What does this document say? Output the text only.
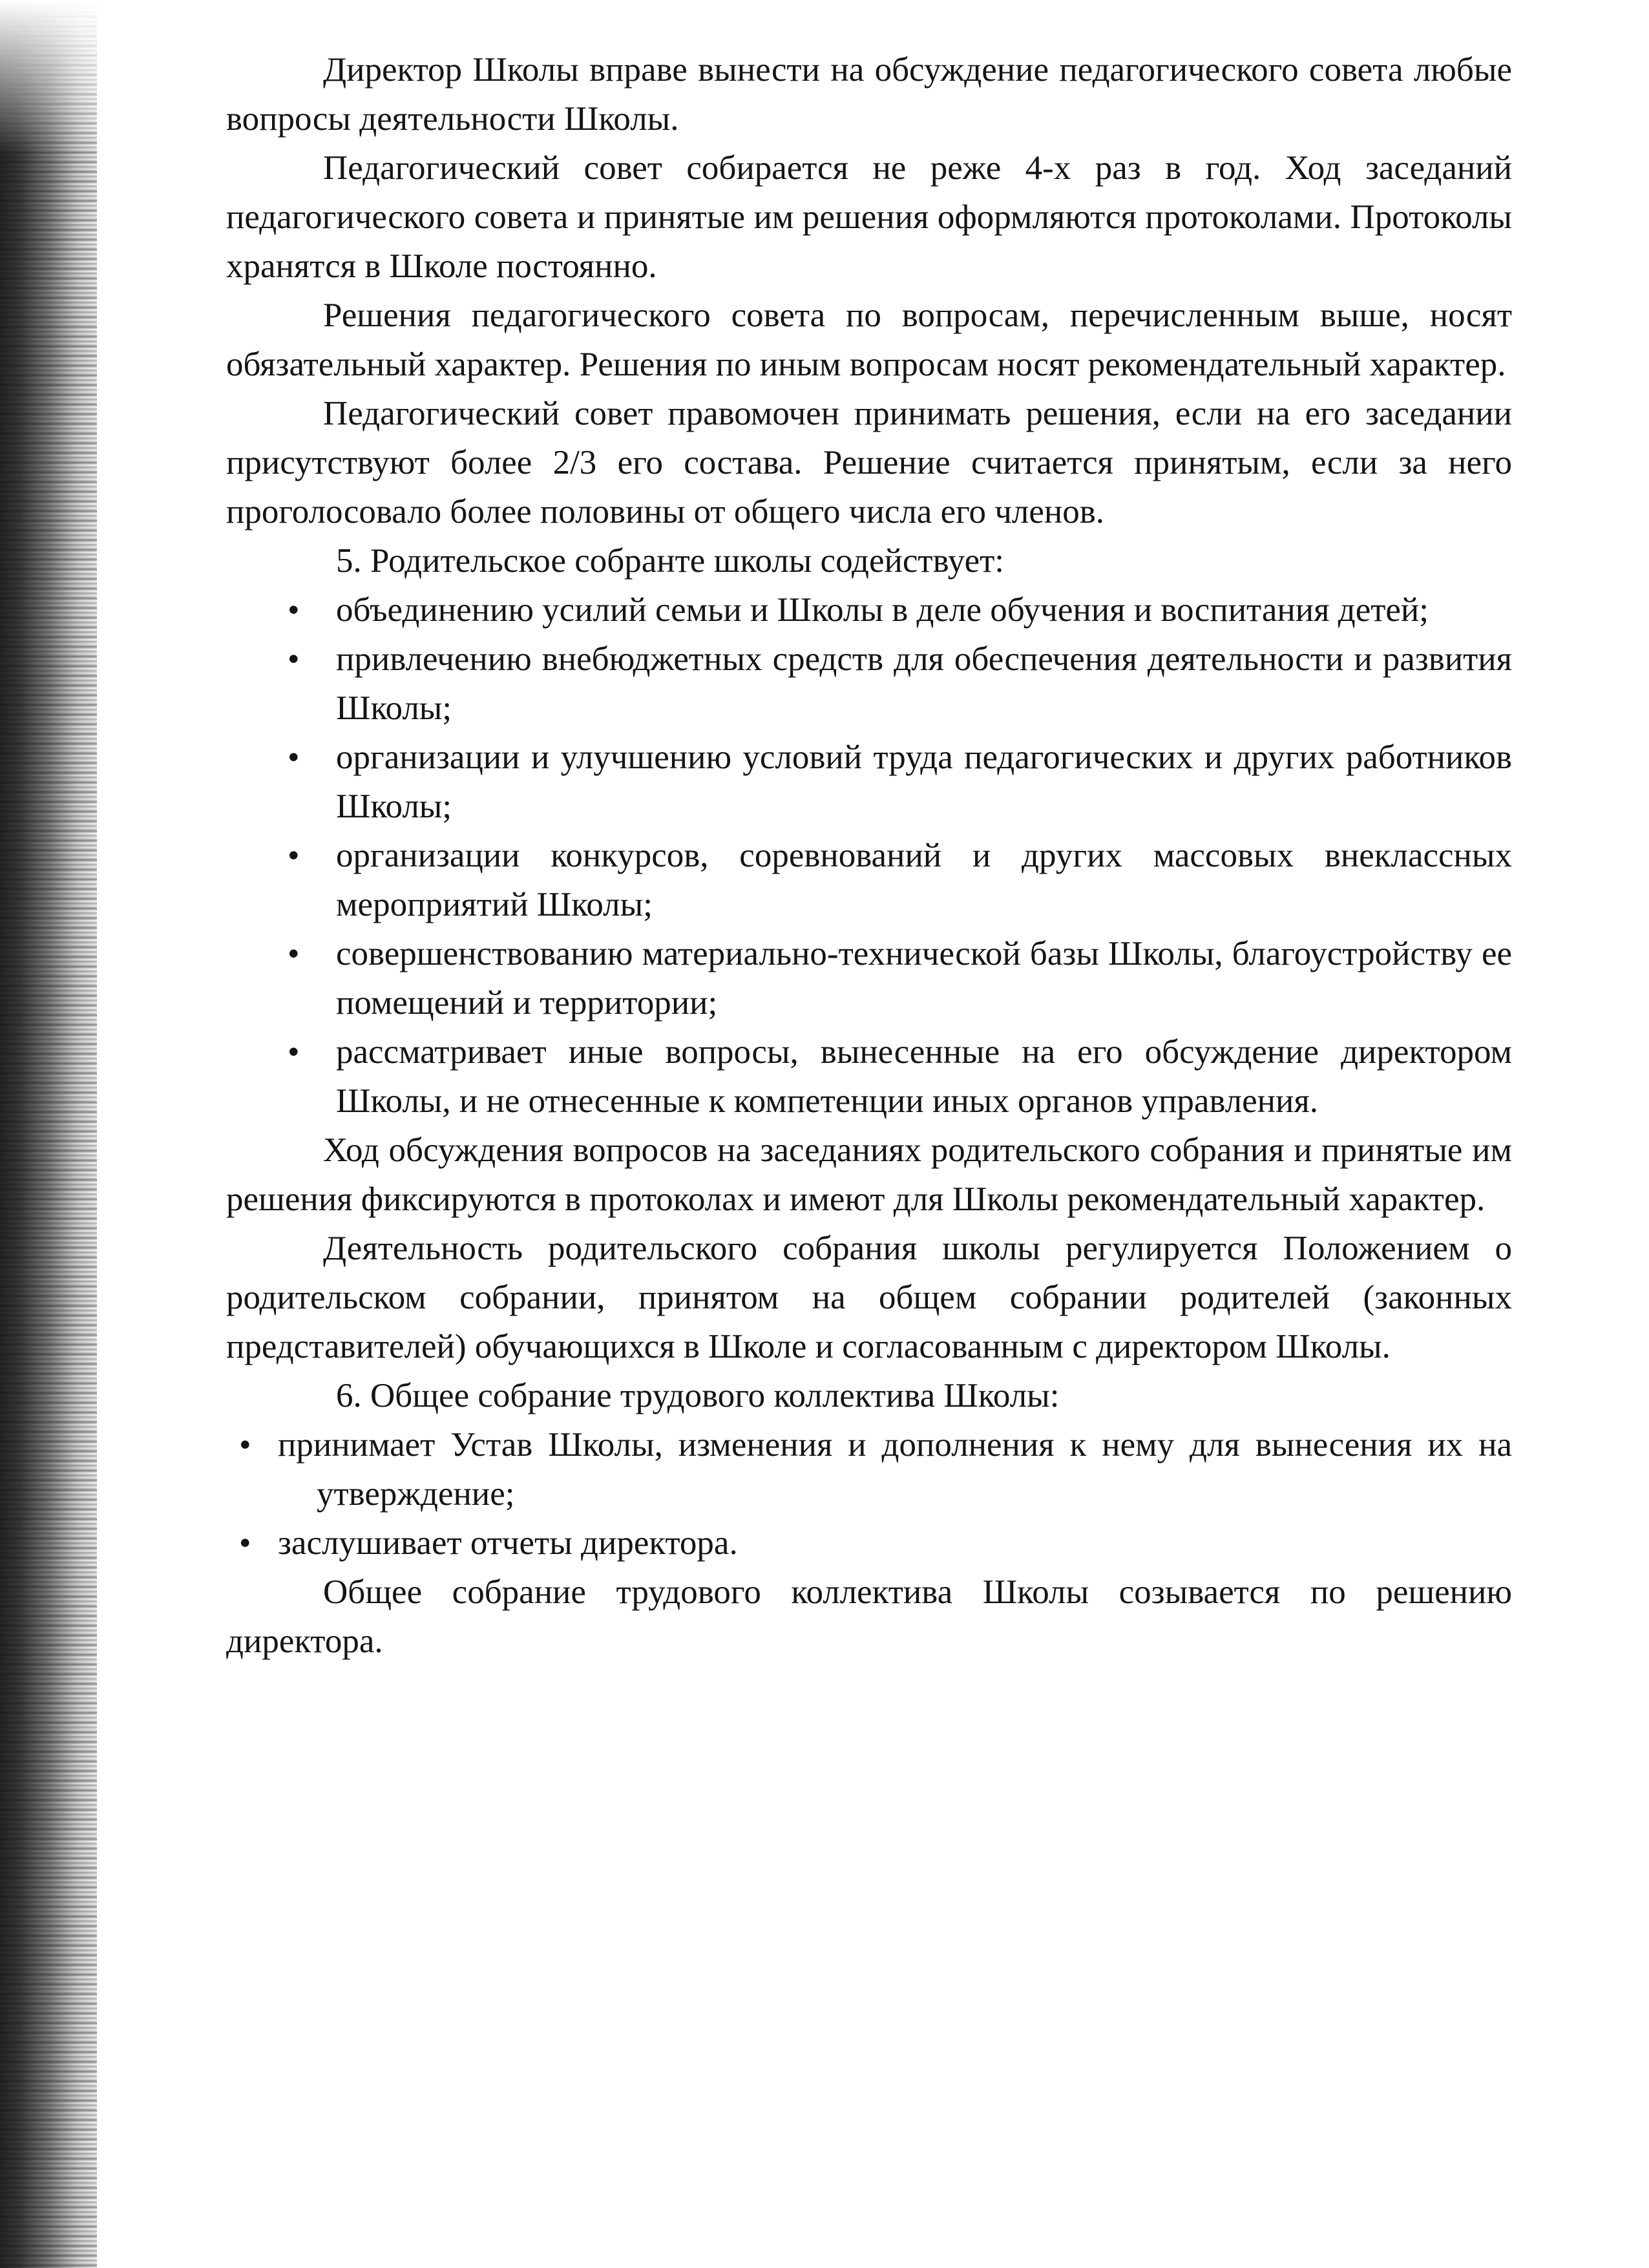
Директор Школы вправе вынести на обсуждение педагогического совета любые вопросы деятельности Школы.

Педагогический совет собирается не реже 4-х раз в год. Ход заседаний педагогического совета и принятые им решения оформляются протоколами. Протоколы хранятся в Школе постоянно.

Решения педагогического совета по вопросам, перечисленным выше, носят обязательный характер. Решения по иным вопросам носят рекомендательный характер.

Педагогический совет правомочен принимать решения, если на его заседании присутствуют более 2/3 его состава. Решение считается принятым, если за него проголосовало более половины от общего числа его членов.

5. Родительское собранте школы содействует:

• объединению усилий семьи и Школы в деле обучения и воспитания детей;
• привлечению внебюджетных средств для обеспечения деятельности и развития Школы;
• организации и улучшению условий труда педагогических и других работников Школы;
• организации конкурсов, соревнований и других массовых внеклассных мероприятий Школы;
• совершенствованию материально-технической базы Школы, благоустройству ее помещений и территории;
• рассматривает иные вопросы, вынесенные на его обсуждение директором Школы, и не отнесенные к компетенции иных органов управления.

Ход обсуждения вопросов на заседаниях родительского собрания и принятые им решения фиксируются в протоколах и имеют для Школы рекомендательный характер.

Деятельность родительского собрания школы регулируется Положением о родительском собрании, принятом на общем собрании родителей (законных представителей) обучающихся в Школе и согласованным с директором Школы.

6. Общее собрание трудового коллектива Школы:

• принимает Устав Школы, изменения и дополнения к нему для вынесения их на утверждение;
• заслушивает отчеты директора.

Общее собрание трудового коллектива Школы созывается по решению директора.
